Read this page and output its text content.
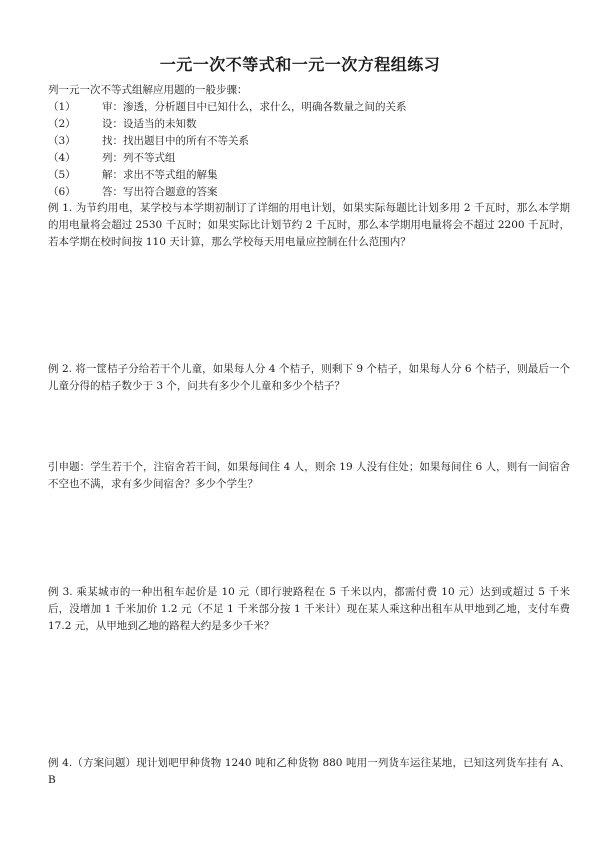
一元一次不等式和一元一次方程组练习
列一元一次不等式组解应用题的一般步骤：
（1）	审：渗透，分析题目中已知什么，求什么，明确各数量之间的关系
（2）	设：设适当的未知数
（3）	找：找出题目中的所有不等关系
（4）	列：列不等式组
（5）	解：求出不等式组的解集
（6）	答：写出符合题意的答案
例 1. 为节约用电，某学校与本学期初制订了详细的用电计划，如果实际每题比计划多用 2 千瓦时，那么本学期的用电量将会超过 2530 千瓦时；如果实际比计划节约 2 千瓦时，那么本学期用电量将会不超过 2200 千瓦时，若本学期在校时间按 110 天计算，那么学校每天用电量应控制在什么范围内？
例 2. 将一筐桔子分给若干个儿童，如果每人分 4 个桔子，则剩下 9 个桔子，如果每人分 6 个桔子，则最后一个儿童分得的桔子数少于 3 个，问共有多少个儿童和多少个桔子？
引申题：学生若干个，注宿舍若干间，如果每间住 4 人，则余 19 人没有住处；如果每间住 6 人，则有一间宿舍不空也不满，求有多少间宿舍？多少个学生？
例 3. 乘某城市的一种出租车起价是 10 元（即行驶路程在 5 千米以内，都需付费 10 元）达到或超过 5 千米后，没增加 1 千米加价 1.2 元（不足 1 千米部分按 1 千米计）现在某人乘这种出租车从甲地到乙地，支付车费 17.2 元，从甲地到乙地的路程大约是多少千米？
例 4.（方案问题）现计划吧甲种货物 1240 吨和乙种货物 880 吨用一列货车运往某地，已知这列货车挂有 A、B
